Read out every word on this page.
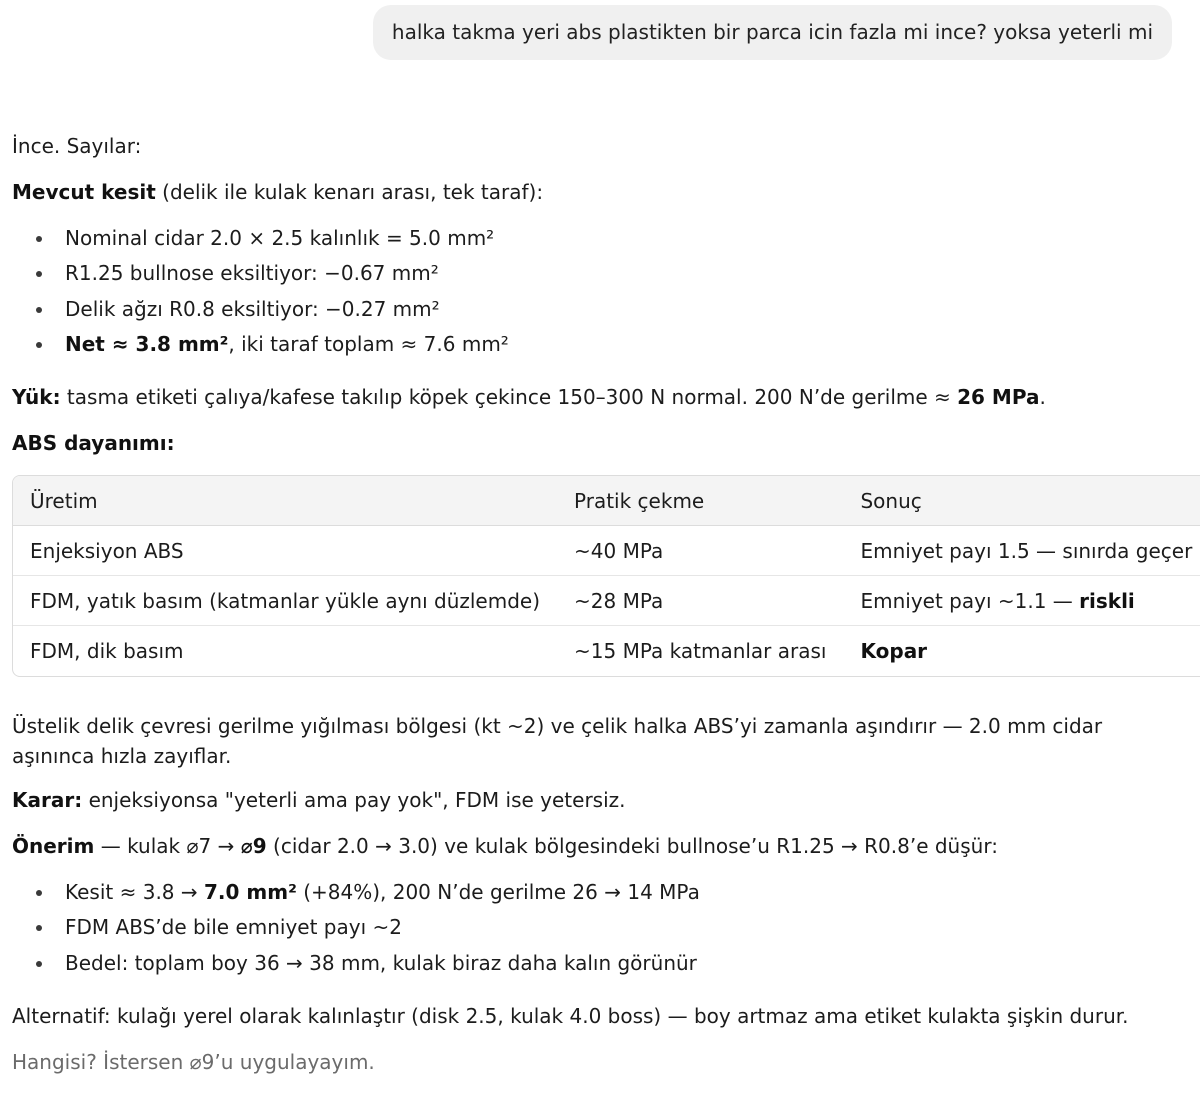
halka takma yeri abs plastikten bir parca icin fazla mi ince? yoksa yeterli mi
İnce. Sayılar:
Mevcut kesit (delik ile kulak kenarı arası, tek taraf):
Nominal cidar 2.0 × 2.5 kalınlık = 5.0 mm²
R1.25 bullnose eksiltiyor: −0.67 mm²
Delik ağzı R0.8 eksiltiyor: −0.27 mm²
Net ≈ 3.8 mm², iki taraf toplam ≈ 7.6 mm²
Yük: tasma etiketi çalıya/kafese takılıp köpek çekince 150–300 N normal. 200 N’de gerilme ≈ 26 MPa.
ABS dayanımı:
Üretim	Pratik çekme	Sonuç
Enjeksiyon ABS	~40 MPa	Emniyet payı 1.5 — sınırda geçer
FDM, yatık basım (katmanlar yükle aynı düzlemde)	~28 MPa	Emniyet payı ~1.1 — riskli
FDM, dik basım	~15 MPa katmanlar arası	Kopar
Üstelik delik çevresi gerilme yığılması bölgesi (kt ~2) ve çelik halka ABS’yi zamanla aşındırır — 2.0 mm cidar aşınınca hızla zayıflar.
Karar: enjeksiyonsa "yeterli ama pay yok", FDM ise yetersiz.
Önerim — kulak ⌀7 → ⌀9 (cidar 2.0 → 3.0) ve kulak bölgesindeki bullnose’u R1.25 → R0.8’e düşür:
Kesit ≈ 3.8 → 7.0 mm² (+84%), 200 N’de gerilme 26 → 14 MPa
FDM ABS’de bile emniyet payı ~2
Bedel: toplam boy 36 → 38 mm, kulak biraz daha kalın görünür
Alternatif: kulağı yerel olarak kalınlaştır (disk 2.5, kulak 4.0 boss) — boy artmaz ama etiket kulakta şişkin durur.
Hangisi? İstersen ⌀9’u uygulayayım.
